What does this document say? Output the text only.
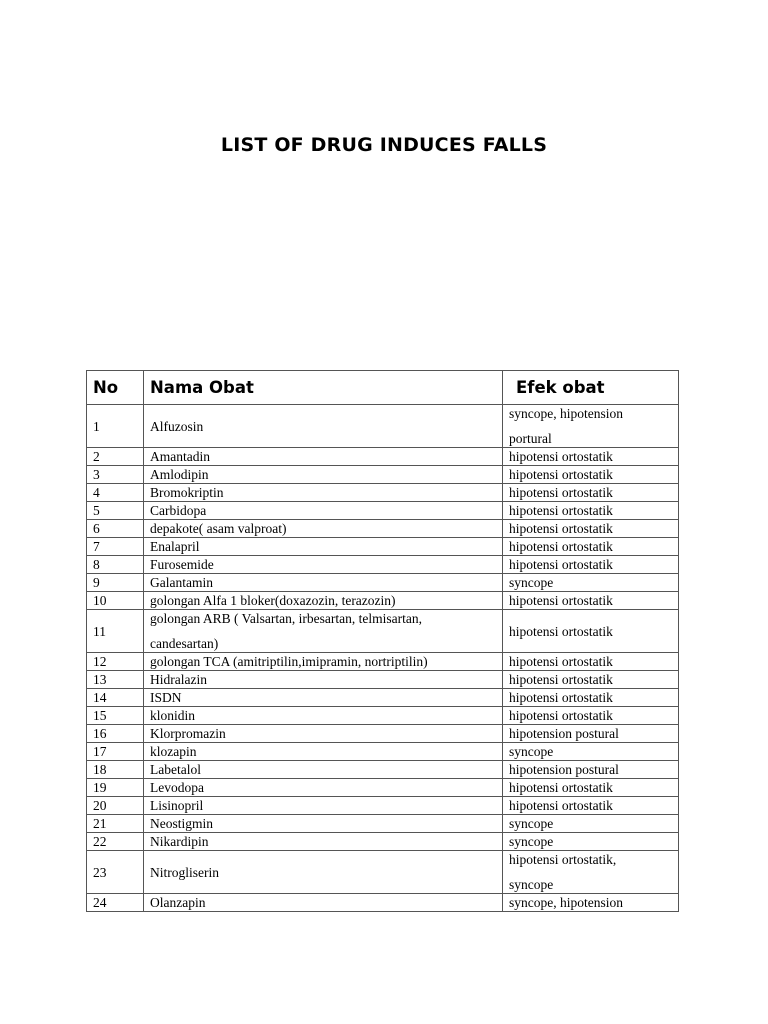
LIST OF DRUG INDUCES FALLS
No	Nama Obat	Efek obat
1	Alfuzosin	syncope, hipotension
portural

2	Amantadin	hipotensi ortostatik
3	Amlodipin	hipotensi ortostatik
4	Bromokriptin	hipotensi ortostatik
5	Carbidopa	hipotensi ortostatik
6	depakote( asam valproat)	hipotensi ortostatik
7	Enalapril	hipotensi ortostatik
8	Furosemide	hipotensi ortostatik
9	Galantamin	syncope
10	golongan Alfa 1 bloker(doxazozin, terazozin)	hipotensi ortostatik
11	golongan ARB ( Valsartan, irbesartan, telmisartan,
candesartan)	hipotensi ortostatik
12	golongan TCA (amitriptilin,imipramin, nortriptilin)	hipotensi ortostatik
13	Hidralazin	hipotensi ortostatik
14	ISDN	hipotensi ortostatik
15	klonidin	hipotensi ortostatik
16	Klorpromazin	hipotension postural
17	klozapin	syncope
18	Labetalol	hipotension postural
19	Levodopa	hipotensi ortostatik
20	Lisinopril	hipotensi ortostatik
21	Neostigmin	syncope
22	Nikardipin	syncope
23	Nitrogliserin	hipotensi ortostatik,
syncope

24	Olanzapin	syncope, hipotension
